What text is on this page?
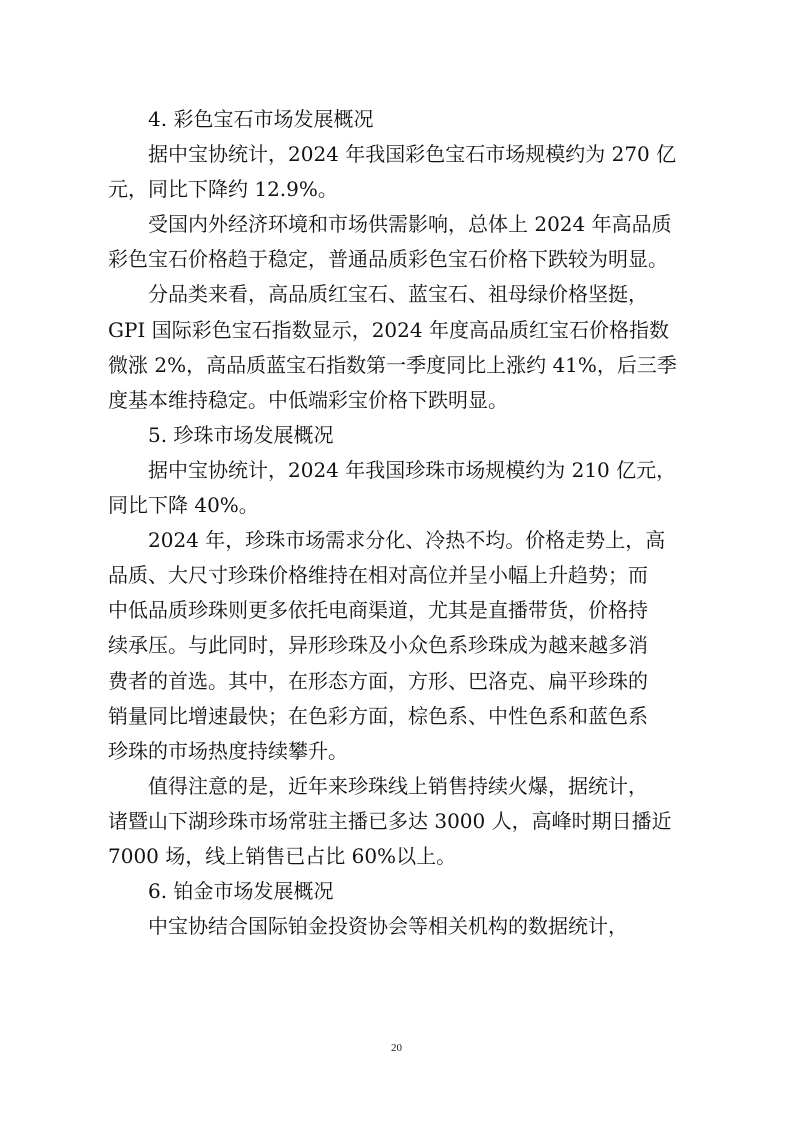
4. 彩色宝石市场发展概况
据中宝协统计，2024 年我国彩色宝石市场规模约为 270 亿
元，同比下降约 12.9%。
受国内外经济环境和市场供需影响，总体上 2024 年高品质
彩色宝石价格趋于稳定，普通品质彩色宝石价格下跌较为明显。
分品类来看，高品质红宝石、蓝宝石、祖母绿价格坚挺，
GPI 国际彩色宝石指数显示，2024 年度高品质红宝石价格指数
微涨 2%，高品质蓝宝石指数第一季度同比上涨约 41%，后三季
度基本维持稳定。中低端彩宝价格下跌明显。
5. 珍珠市场发展概况
据中宝协统计，2024 年我国珍珠市场规模约为 210 亿元，
同比下降 40%。
2024 年，珍珠市场需求分化、冷热不均。价格走势上，高
品质、大尺寸珍珠价格维持在相对高位并呈小幅上升趋势；而
中低品质珍珠则更多依托电商渠道，尤其是直播带货，价格持
续承压。与此同时，异形珍珠及小众色系珍珠成为越来越多消
费者的首选。其中，在形态方面，方形、巴洛克、扁平珍珠的
销量同比增速最快；在色彩方面，棕色系、中性色系和蓝色系
珍珠的市场热度持续攀升。
值得注意的是，近年来珍珠线上销售持续火爆，据统计，
诸暨山下湖珍珠市场常驻主播已多达 3000 人，高峰时期日播近
7000 场，线上销售已占比 60%以上。
6. 铂金市场发展概况
中宝协结合国际铂金投资协会等相关机构的数据统计，
20
